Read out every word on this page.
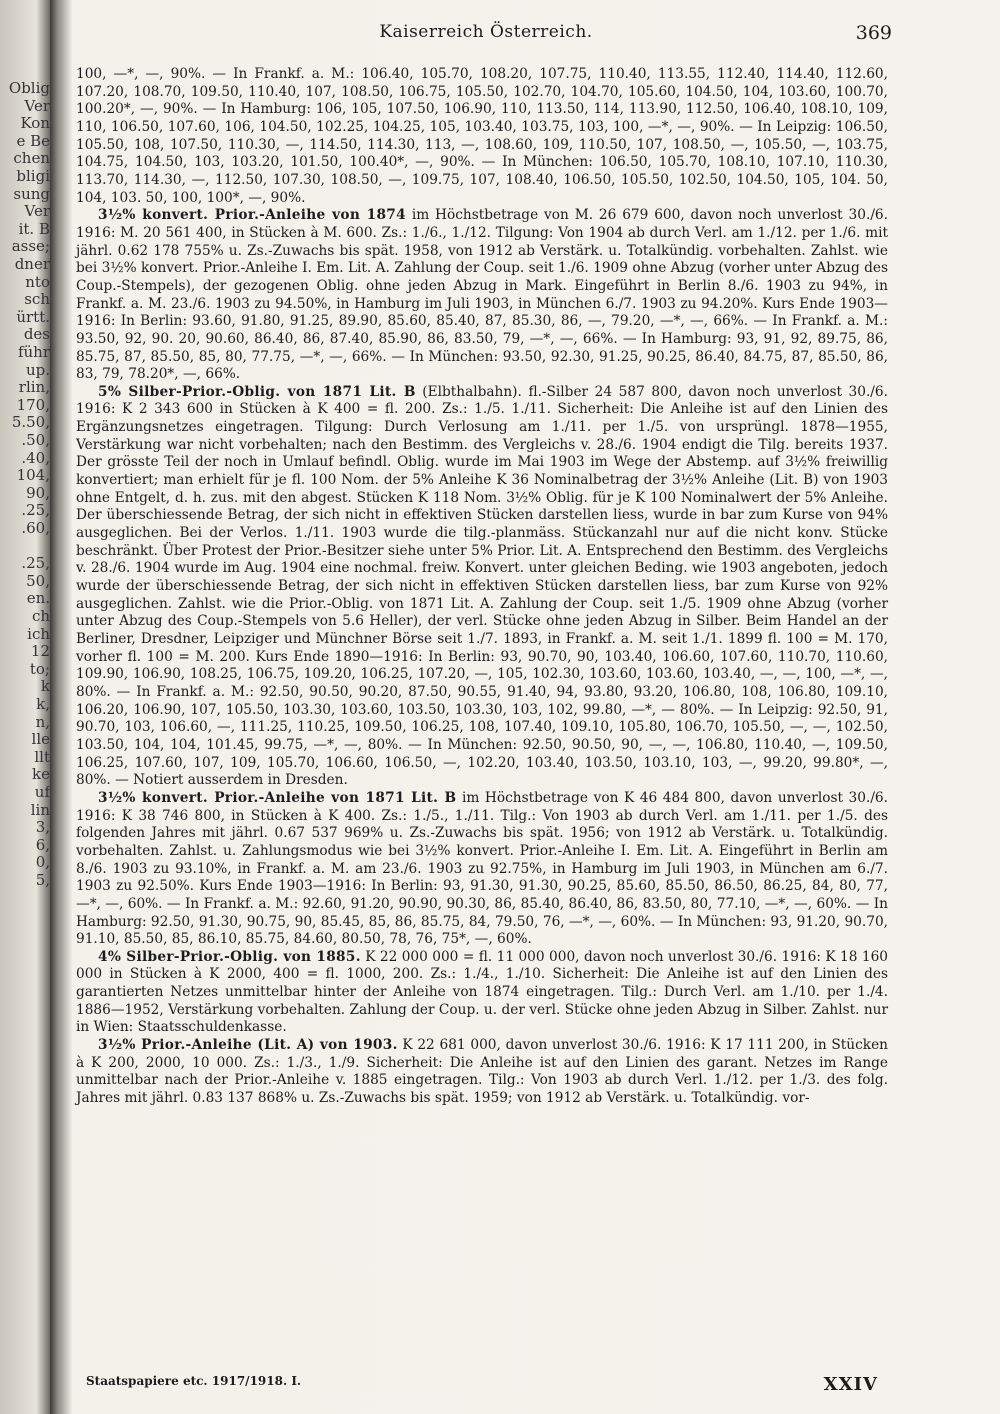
Oblig
Ver
Kon
e Be
chen
bligi
sung
Ver
it. B
asse;
dner
nto
sch
ürtt.
des
führ
up.
rlin,
170,
5.50,
.50,
.40,
104,
90,
.25,
.60,
.25,
50,
en.
ch
ich
12
to;
k
k,
n,
lle
llt
ke
uf
lin
3,
6,
0,
5,
Kaiserreich Österreich.	369

100, —*, —, 90%. — In Frankf. a. M.: 106.40, 105.70, 108.20, 107.75, 110.40, 113.55, 112.40, 114.40, 112.60, 107.20, 108.70, 109.50, 110.40, 107, 108.50, 106.75, 105.50, 102.70, 104.70, 105.60, 104.50, 104, 103.60, 100.70, 100.20*, —, 90%. — In Hamburg: 106, 105, 107.50, 106.90, 110, 113.50, 114, 113.90, 112.50, 106.40, 108.10, 109, 110, 106.50, 107.60, 106, 104.50, 102.25, 104.25, 105, 103.40, 103.75, 103, 100, —*, —, 90%. — In Leipzig: 106.50, 105.50, 108, 107.50, 110.30, —, 114.50, 114.30, 113, —, 108.60, 109, 110.50, 107, 108.50, —, 105.50, —, 103.75, 104.75, 104.50, 103, 103.20, 101.50, 100.40*, —, 90%. — In München: 106.50, 105.70, 108.10, 107.10, 110.30, 113.70, 114.30, —, 112.50, 107.30, 108.50, —, 109.75, 107, 108.40, 106.50, 105.50, 102.50, 104.50, 105, 104. 50, 104, 103. 50, 100, 100*, —, 90%.

3½% konvert. Prior.-Anleihe von 1874 im Höchstbetrage von M. 26 679 600, davon noch unverlost 30./6. 1916: M. 20 561 400, in Stücken à M. 600. Zs.: 1./6., 1./12. Tilgung: Von 1904 ab durch Verl. am 1./12. per 1./6. mit jährl. 0.62 178 755% u. Zs.-Zuwachs bis spät. 1958, von 1912 ab Verstärk. u. Totalkündig. vorbehalten. Zahlst. wie bei 3½% konvert. Prior.-Anleihe I. Em. Lit. A. Zahlung der Coup. seit 1./6. 1909 ohne Abzug (vorher unter Abzug des Coup.-Stempels), der gezogenen Oblig. ohne jeden Abzug in Mark. Eingeführt in Berlin 8./6. 1903 zu 94%, in Frankf. a. M. 23./6. 1903 zu 94.50%, in Hamburg im Juli 1903, in München 6./7. 1903 zu 94.20%. Kurs Ende 1903—1916: In Berlin: 93.60, 91.80, 91.25, 89.90, 85.60, 85.40, 87, 85.30, 86, —, 79.20, —*, —, 66%. — In Frankf. a. M.: 93.50, 92, 90. 20, 90.60, 86.40, 86, 87.40, 85.90, 86, 83.50, 79, —*, —, 66%. — In Hamburg: 93, 91, 92, 89.75, 86, 85.75, 87, 85.50, 85, 80, 77.75, —*, —, 66%. — In München: 93.50, 92.30, 91.25, 90.25, 86.40, 84.75, 87, 85.50, 86, 83, 79, 78.20*, —, 66%.

5% Silber-Prior.-Oblig. von 1871 Lit. B (Elbthalbahn). fl.-Silber 24 587 800, davon noch unverlost 30./6. 1916: K 2 343 600 in Stücken à K 400 = fl. 200. Zs.: 1./5. 1./11. Sicherheit: Die Anleihe ist auf den Linien des Ergänzungsnetzes eingetragen. Tilgung: Durch Verlosung am 1./11. per 1./5. von ursprüngl. 1878—1955, Verstärkung war nicht vorbehalten; nach den Bestimm. des Vergleichs v. 28./6. 1904 endigt die Tilg. bereits 1937. Der grösste Teil der noch in Umlauf befindl. Oblig. wurde im Mai 1903 im Wege der Abstemp. auf 3½% freiwillig konvertiert; man erhielt für je fl. 100 Nom. der 5% Anleihe K 36 Nominalbetrag der 3½% Anleihe (Lit. B) von 1903 ohne Entgelt, d. h. zus. mit den abgest. Stücken K 118 Nom. 3½% Oblig. für je K 100 Nominalwert der 5% Anleihe. Der überschiessende Betrag, der sich nicht in effektiven Stücken darstellen liess, wurde in bar zum Kurse von 94% ausgeglichen. Bei der Verlos. 1./11. 1903 wurde die tilg.-planmäss. Stückanzahl nur auf die nicht konv. Stücke beschränkt. Über Protest der Prior.-Besitzer siehe unter 5% Prior. Lit. A. Entsprechend den Bestimm. des Vergleichs v. 28./6. 1904 wurde im Aug. 1904 eine nochmal. freiw. Konvert. unter gleichen Beding. wie 1903 angeboten, jedoch wurde der überschiessende Betrag, der sich nicht in effektiven Stücken darstellen liess, bar zum Kurse von 92% ausgeglichen. Zahlst. wie die Prior.-Oblig. von 1871 Lit. A. Zahlung der Coup. seit 1./5. 1909 ohne Abzug (vorher unter Abzug des Coup.-Stempels von 5.6 Heller), der verl. Stücke ohne jeden Abzug in Silber. Beim Handel an der Berliner, Dresdner, Leipziger und Münchner Börse seit 1./7. 1893, in Frankf. a. M. seit 1./1. 1899 fl. 100 = M. 170, vorher fl. 100 = M. 200. Kurs Ende 1890—1916: In Berlin: 93, 90.70, 90, 103.40, 106.60, 107.60, 110.70, 110.60, 109.90, 106.90, 108.25, 106.75, 109.20, 106.25, 107.20, —, 105, 102.30, 103.60, 103.60, 103.40, —, —, 100, —*, —, 80%. — In Frankf. a. M.: 92.50, 90.50, 90.20, 87.50, 90.55, 91.40, 94, 93.80, 93.20, 106.80, 108, 106.80, 109.10, 106.20, 106.90, 107, 105.50, 103.30, 103.60, 103.50, 103.30, 103, 102, 99.80, —*, — 80%. — In Leipzig: 92.50, 91, 90.70, 103, 106.60, —, 111.25, 110.25, 109.50, 106.25, 108, 107.40, 109.10, 105.80, 106.70, 105.50, —, —, 102.50, 103.50, 104, 104, 101.45, 99.75, —*, —, 80%. — In München: 92.50, 90.50, 90, —, —, 106.80, 110.40, —, 109.50, 106.25, 107.60, 107, 109, 105.70, 106.60, 106.50, —, 102.20, 103.40, 103.50, 103.10, 103, —, 99.20, 99.80*, —, 80%. — Notiert ausserdem in Dresden.

3½% konvert. Prior.-Anleihe von 1871 Lit. B im Höchstbetrage von K 46 484 800, davon unverlost 30./6. 1916: K 38 746 800, in Stücken à K 400. Zs.: 1./5., 1./11. Tilg.: Von 1903 ab durch Verl. am 1./11. per 1./5. des folgenden Jahres mit jährl. 0.67 537 969% u. Zs.-Zuwachs bis spät. 1956; von 1912 ab Verstärk. u. Totalkündig. vorbehalten. Zahlst. u. Zahlungsmodus wie bei 3½% konvert. Prior.-Anleihe I. Em. Lit. A. Eingeführt in Berlin am 8./6. 1903 zu 93.10%, in Frankf. a. M. am 23./6. 1903 zu 92.75%, in Hamburg im Juli 1903, in München am 6./7. 1903 zu 92.50%. Kurs Ende 1903—1916: In Berlin: 93, 91.30, 91.30, 90.25, 85.60, 85.50, 86.50, 86.25, 84, 80, 77, —*, —, 60%. — In Frankf. a. M.: 92.60, 91.20, 90.90, 90.30, 86, 85.40, 86.40, 86, 83.50, 80, 77.10, —*, —, 60%. — In Hamburg: 92.50, 91.30, 90.75, 90, 85.45, 85, 86, 85.75, 84, 79.50, 76, —*, —, 60%. — In München: 93, 91.20, 90.70, 91.10, 85.50, 85, 86.10, 85.75, 84.60, 80.50, 78, 76, 75*, —, 60%.

4% Silber-Prior.-Oblig. von 1885. K 22 000 000 = fl. 11 000 000, davon noch unverlost 30./6. 1916: K 18 160 000 in Stücken à K 2000, 400 = fl. 1000, 200. Zs.: 1./4., 1./10. Sicherheit: Die Anleihe ist auf den Linien des garantierten Netzes unmittelbar hinter der Anleihe von 1874 eingetragen. Tilg.: Durch Verl. am 1./10. per 1./4. 1886—1952, Verstärkung vorbehalten. Zahlung der Coup. u. der verl. Stücke ohne jeden Abzug in Silber. Zahlst. nur in Wien: Staatsschuldenkasse.

3½% Prior.-Anleihe (Lit. A) von 1903. K 22 681 000, davon unverlost 30./6. 1916: K 17 111 200, in Stücken à K 200, 2000, 10 000. Zs.: 1./3., 1./9. Sicherheit: Die Anleihe ist auf den Linien des garant. Netzes im Range unmittelbar nach der Prior.-Anleihe v. 1885 eingetragen. Tilg.: Von 1903 ab durch Verl. 1./12. per 1./3. des folg. Jahres mit jährl. 0.83 137 868% u. Zs.-Zuwachs bis spät. 1959; von 1912 ab Verstärk. u. Totalkündig. vor-

Staatspapiere etc. 1917/1918. I.	XXIV
